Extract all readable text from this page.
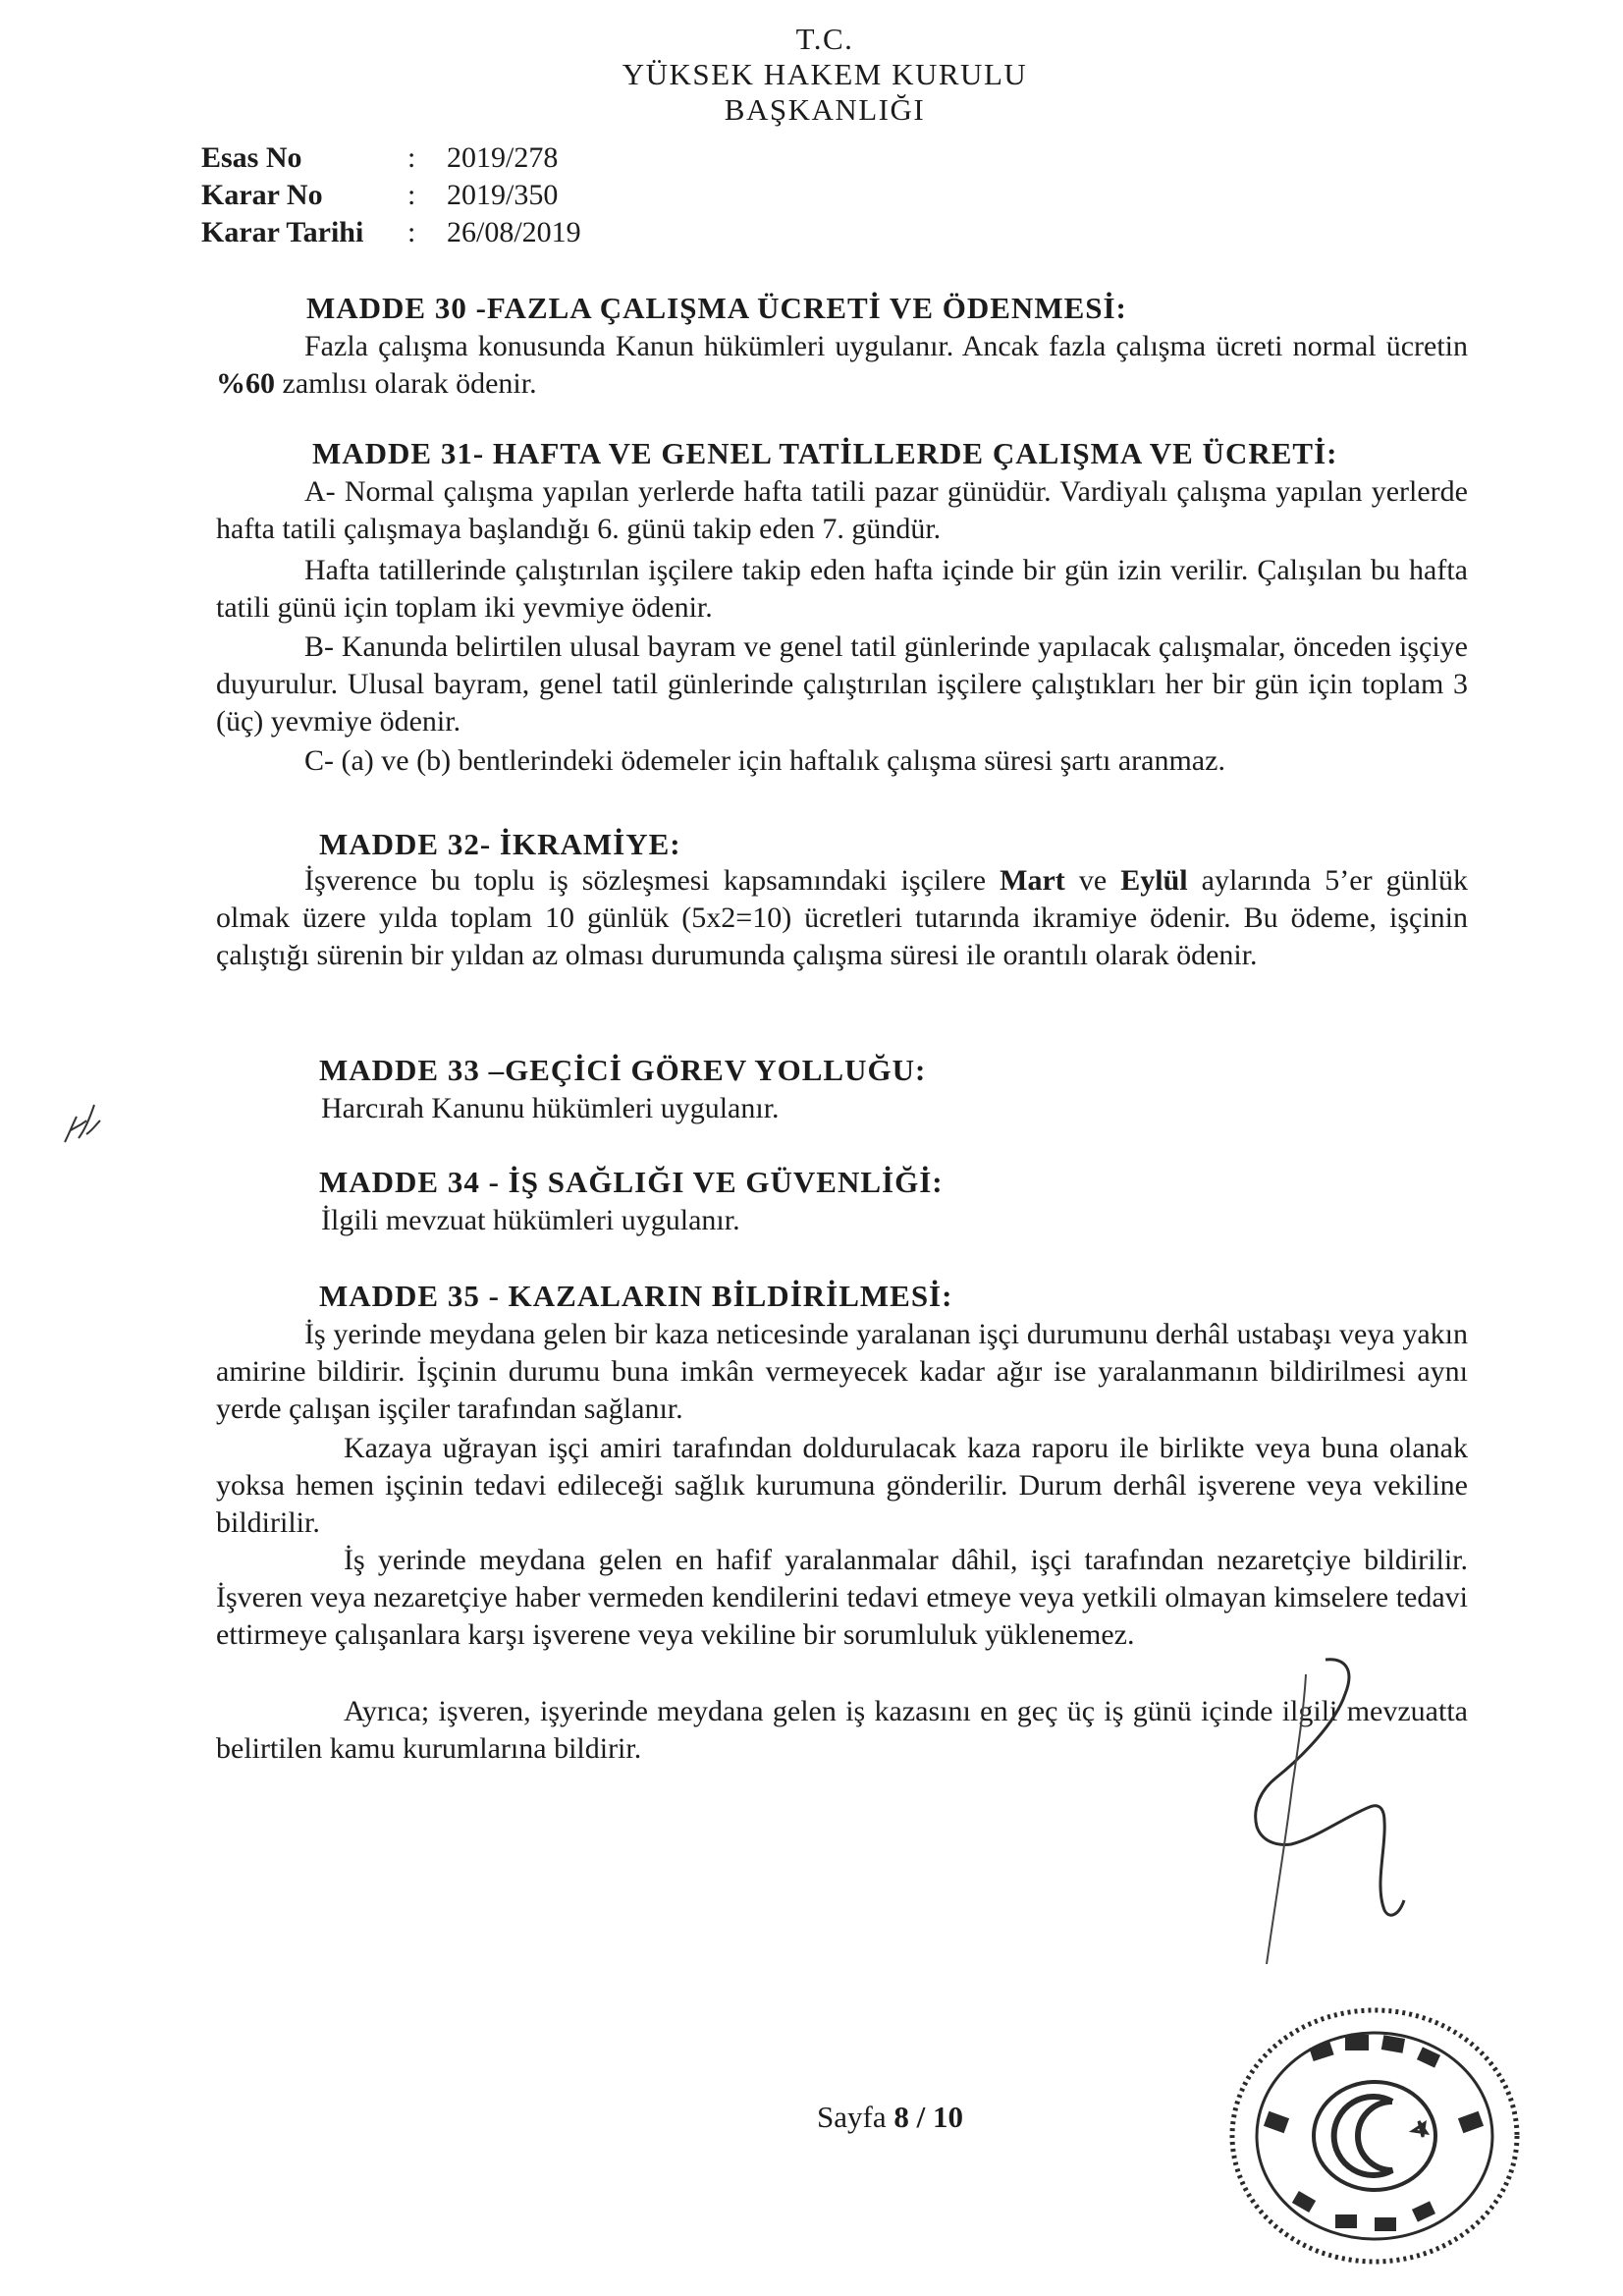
T.C.
YÜKSEK HAKEM KURULU
BAŞKANLIĞI
Esas No	:	2019/278
Karar No	:	2019/350
Karar Tarihi	:	26/08/2019
MADDE 30 -FAZLA ÇALIŞMA ÜCRETİ VE ÖDENMESİ:
Fazla çalışma konusunda Kanun hükümleri uygulanır. Ancak fazla çalışma ücreti normal ücretin %60 zamlısı olarak ödenir.
MADDE 31- HAFTA VE GENEL TATİLLERDE ÇALIŞMA VE ÜCRETİ:
A- Normal çalışma yapılan yerlerde hafta tatili pazar günüdür. Vardiyalı çalışma yapılan yerlerde hafta tatili çalışmaya başlandığı 6. günü takip eden 7. gündür.
Hafta tatillerinde çalıştırılan işçilere takip eden hafta içinde bir gün izin verilir. Çalışılan bu hafta tatili günü için toplam iki yevmiye ödenir.
B- Kanunda belirtilen ulusal bayram ve genel tatil günlerinde yapılacak çalışmalar, önceden işçiye duyurulur. Ulusal bayram, genel tatil günlerinde çalıştırılan işçilere çalıştıkları her bir gün için toplam 3 (üç) yevmiye ödenir.
C- (a) ve (b) bentlerindeki ödemeler için haftalık çalışma süresi şartı aranmaz.
MADDE 32- İKRAMİYE:
İşverence bu toplu iş sözleşmesi kapsamındaki işçilere Mart ve Eylül aylarında 5’er günlük olmak üzere yılda toplam 10 günlük (5x2=10) ücretleri tutarında ikramiye ödenir. Bu ödeme, işçinin çalıştığı sürenin bir yıldan az olması durumunda çalışma süresi ile orantılı olarak ödenir.
MADDE 33 –GEÇİCİ GÖREV YOLLUĞU:
Harcırah Kanunu hükümleri uygulanır.
MADDE 34 - İŞ SAĞLIĞI VE GÜVENLİĞİ:
İlgili mevzuat hükümleri uygulanır.
MADDE 35 - KAZALARIN BİLDİRİLMESİ:
İş yerinde meydana gelen bir kaza neticesinde yaralanan işçi durumunu derhâl ustabaşı veya yakın amirine bildirir. İşçinin durumu buna imkân vermeyecek kadar ağır ise yaralanmanın bildirilmesi aynı yerde çalışan işçiler tarafından sağlanır.
Kazaya uğrayan işçi amiri tarafından doldurulacak kaza raporu ile birlikte veya buna olanak yoksa hemen işçinin tedavi edileceği sağlık kurumuna gönderilir. Durum derhâl işverene veya vekiline bildirilir.
İş yerinde meydana gelen en hafif yaralanmalar dâhil, işçi tarafından nezaretçiye bildirilir. İşveren veya nezaretçiye haber vermeden kendilerini tedavi etmeye veya yetkili olmayan kimselere tedavi ettirmeye çalışanlara karşı işverene veya vekiline bir sorumluluk yüklenemez.
Ayrıca; işveren, işyerinde meydana gelen iş kazasını en geç üç iş günü içinde ilgili mevzuatta belirtilen kamu kurumlarına bildirir.
Sayfa 8 / 10
